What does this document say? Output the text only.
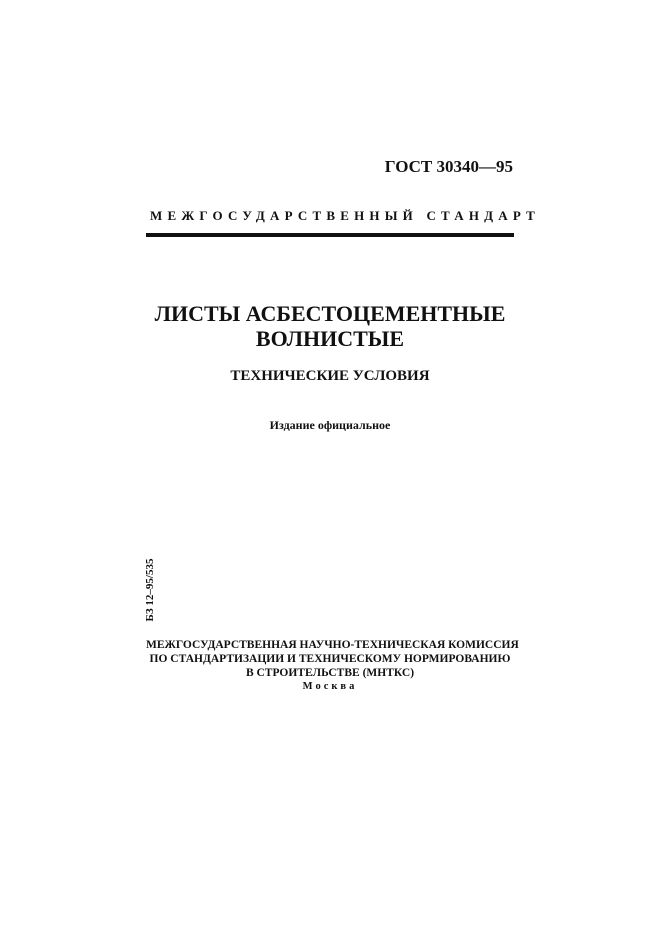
ГОСТ 30340—95
МЕЖГОСУДАРСТВЕННЫЙ СТАНДАРТ
ЛИСТЫ АСБЕСТОЦЕМЕНТНЫЕ
ВОЛНИСТЫЕ
ТЕХНИЧЕСКИЕ УСЛОВИЯ
Издание официальное
БЗ 12–95/535
МЕЖГОСУДАРСТВЕННАЯ НАУЧНО-ТЕХНИЧЕСКАЯ КОМИССИЯ
ПО СТАНДАРТИЗАЦИИ И ТЕХНИЧЕСКОМУ НОРМИРОВАНИЮ
В СТРОИТЕЛЬСТВЕ (МНТКС)
Москва
